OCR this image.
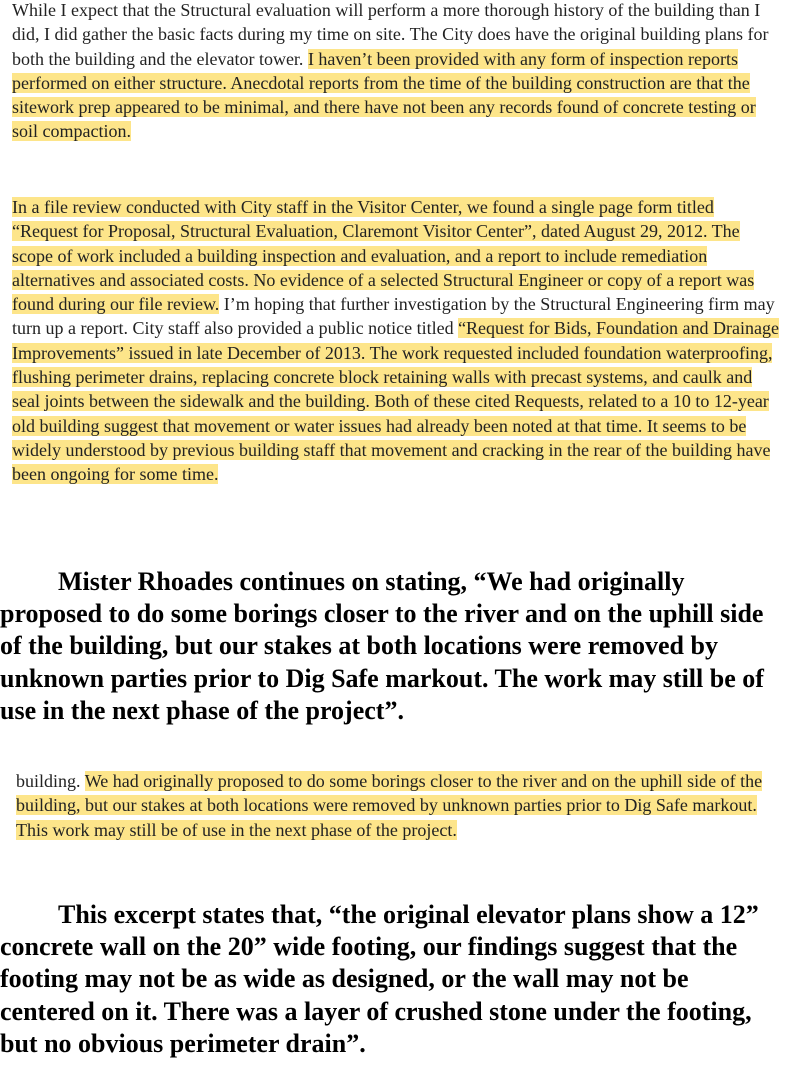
While I expect that the Structural evaluation will perform a more thorough history of the building than I did, I did gather the basic facts during my time on site. The City does have the original building plans for both the building and the elevator tower. I haven’t been provided with any form of inspection reports performed on either structure. Anecdotal reports from the time of the building construction are that the sitework prep appeared to be minimal, and there have not been any records found of concrete testing or soil compaction.

In a file review conducted with City staff in the Visitor Center, we found a single page form titled “Request for Proposal, Structural Evaluation, Claremont Visitor Center”, dated August 29, 2012. The scope of work included a building inspection and evaluation, and a report to include remediation alternatives and associated costs. No evidence of a selected Structural Engineer or copy of a report was found during our file review. I’m hoping that further investigation by the Structural Engineering firm may turn up a report. City staff also provided a public notice titled “Request for Bids, Foundation and Drainage Improvements” issued in late December of 2013. The work requested included foundation waterproofing, flushing perimeter drains, replacing concrete block retaining walls with precast systems, and caulk and seal joints between the sidewalk and the building. Both of these cited Requests, related to a 10 to 12-year old building suggest that movement or water issues had already been noted at that time. It seems to be widely understood by previous building staff that movement and cracking in the rear of the building have been ongoing for some time.

Mister Rhoades continues on stating, “We had originally proposed to do some borings closer to the river and on the uphill side of the building, but our stakes at both locations were removed by unknown parties prior to Dig Safe markout. The work may still be of use in the next phase of the project”.

building. We had originally proposed to do some borings closer to the river and on the uphill side of the building, but our stakes at both locations were removed by unknown parties prior to Dig Safe markout. This work may still be of use in the next phase of the project.

This excerpt states that, “the original elevator plans show a 12” concrete wall on the 20” wide footing, our findings suggest that the footing may not be as wide as designed, or the wall may not be centered on it. There was a layer of crushed stone under the footing, but no obvious perimeter drain”.
